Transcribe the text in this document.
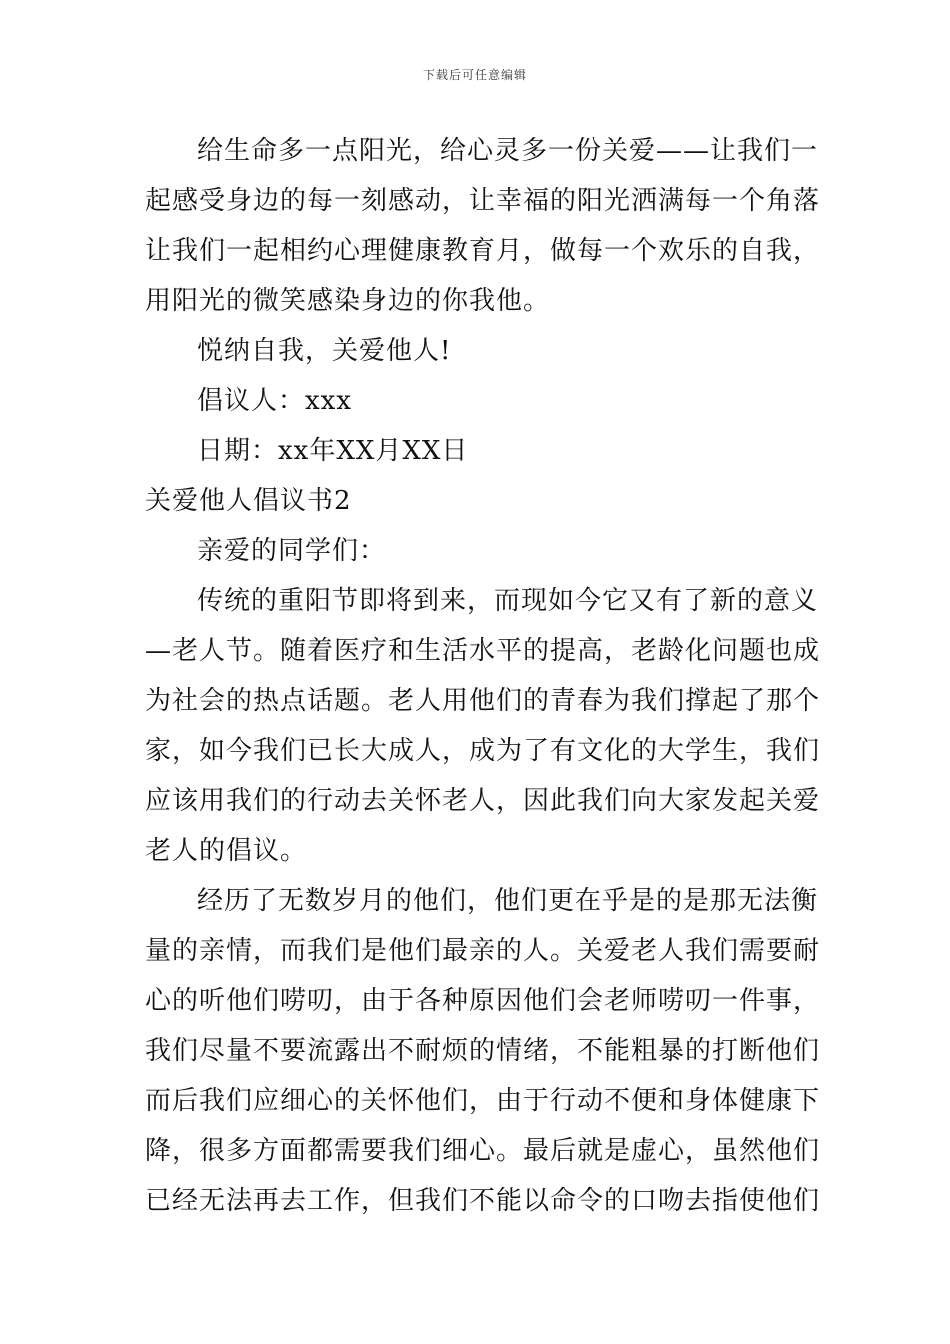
下载后可任意编辑
给生命多一点阳光，给心灵多一份关爱——让我们一
起感受身边的每一刻感动，让幸福的阳光洒满每一个角落
让我们一起相约心理健康教育月，做每一个欢乐的自我，
用阳光的微笑感染身边的你我他。
悦纳自我，关爱他人!
倡议人：xxx
日期：xx年XX月XX日
关爱他人倡议书2
亲爱的同学们：
传统的重阳节即将到来，而现如今它又有了新的意义
—老人节。随着医疗和生活水平的提高，老龄化问题也成
为社会的热点话题。老人用他们的青春为我们撑起了那个
家，如今我们已长大成人，成为了有文化的大学生，我们
应该用我们的行动去关怀老人，因此我们向大家发起关爱
老人的倡议。
经历了无数岁月的他们，他们更在乎是的是那无法衡
量的亲情，而我们是他们最亲的人。关爱老人我们需要耐
心的听他们唠叨，由于各种原因他们会老师唠叨一件事，
我们尽量不要流露出不耐烦的情绪，不能粗暴的打断他们
而后我们应细心的关怀他们，由于行动不便和身体健康下
降，很多方面都需要我们细心。最后就是虚心，虽然他们
已经无法再去工作，但我们不能以命令的口吻去指使他们
